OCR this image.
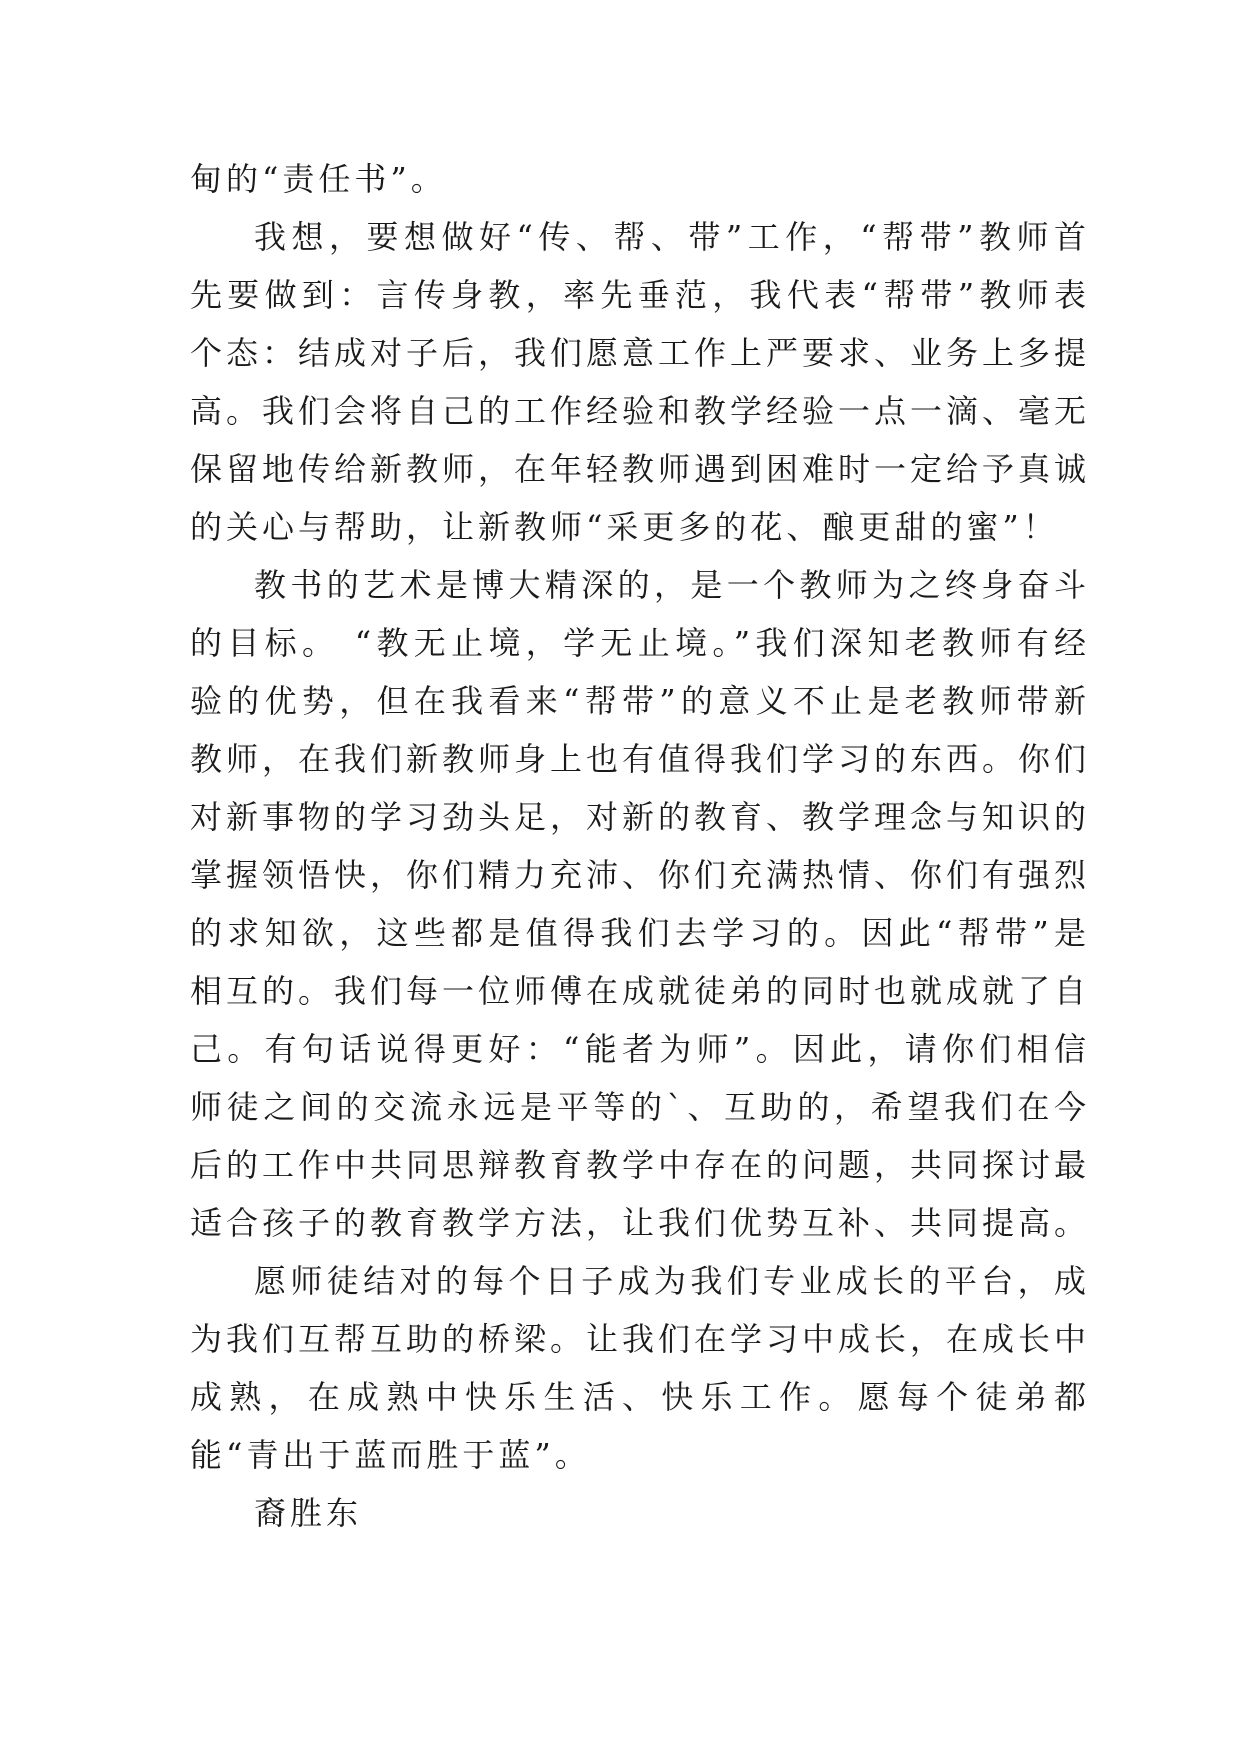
甸的“责任书”。

我想，要想做好“传、帮、带”工作，“帮带”教师首先要做到：言传身教，率先垂范，我代表“帮带”教师表个态：结成对子后，我们愿意工作上严要求、业务上多提高。我们会将自己的工作经验和教学经验一点一滴、毫无保留地传给新教师，在年轻教师遇到困难时一定给予真诚的关心与帮助，让新教师“采更多的花、酿更甜的蜜”！

教书的艺术是博大精深的，是一个教师为之终身奋斗的目标。 “教无止境，学无止境。”我们深知老教师有经验的优势，但在我看来“帮带”的意义不止是老教师带新教师，在我们新教师身上也有值得我们学习的东西。你们对新事物的学习劲头足，对新的教育、教学理念与知识的掌握领悟快，你们精力充沛、你们充满热情、你们有强烈的求知欲，这些都是值得我们去学习的。因此“帮带”是相互的。我们每一位师傅在成就徒弟的同时也就成就了自己。有句话说得更好：“能者为师”。因此，请你们相信师徒之间的交流永远是平等的`、互助的，希望我们在今后的工作中共同思辩教育教学中存在的问题，共同探讨最适合孩子的教育教学方法，让我们优势互补、共同提高。

愿师徒结对的每个日子成为我们专业成长的平台，成为我们互帮互助的桥梁。让我们在学习中成长，在成长中成熟，在成熟中快乐生活、快乐工作。愿每个徒弟都能“青出于蓝而胜于蓝”。

裔胜东
